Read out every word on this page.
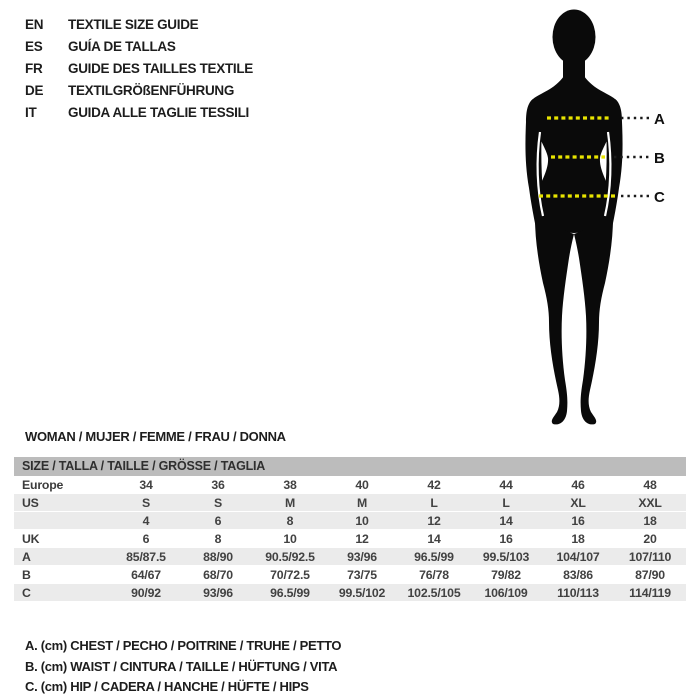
EN TEXTILE SIZE GUIDE
ES GUÍA DE TALLAS
FR GUIDE DES TAILLES TEXTILE
DE TEXTILGRÖßENFÜHRUNG
IT GUIDA ALLE TAGLIE TESSILI	A
B
C
WOMAN / MUJER / FEMME / FRAU / DONNA
SIZE / TALLA / TAILLE / GRÖSSE / TAGLIA
Europe	34	36	38	40	42	44	46	48
US	S	S	M	M	L	L	XL	XXL
	4	6	8	10	12	14	16	18
UK	6	8	10	12	14	16	18	20
A	85/87.5	88/90	90.5/92.5	93/96	96.5/99	99.5/103	104/107	107/110
B	64/67	68/70	70/72.5	73/75	76/78	79/82	83/86	87/90
C	90/92	93/96	96.5/99	99.5/102	102.5/105	106/109	110/113	114/119
A. (cm) CHEST / PECHO / POITRINE / TRUHE / PETTO
B. (cm) WAIST / CINTURA / TAILLE / HÜFTUNG / VITA
C. (cm) HIP / CADERA / HANCHE / HÜFTE / HIPS
